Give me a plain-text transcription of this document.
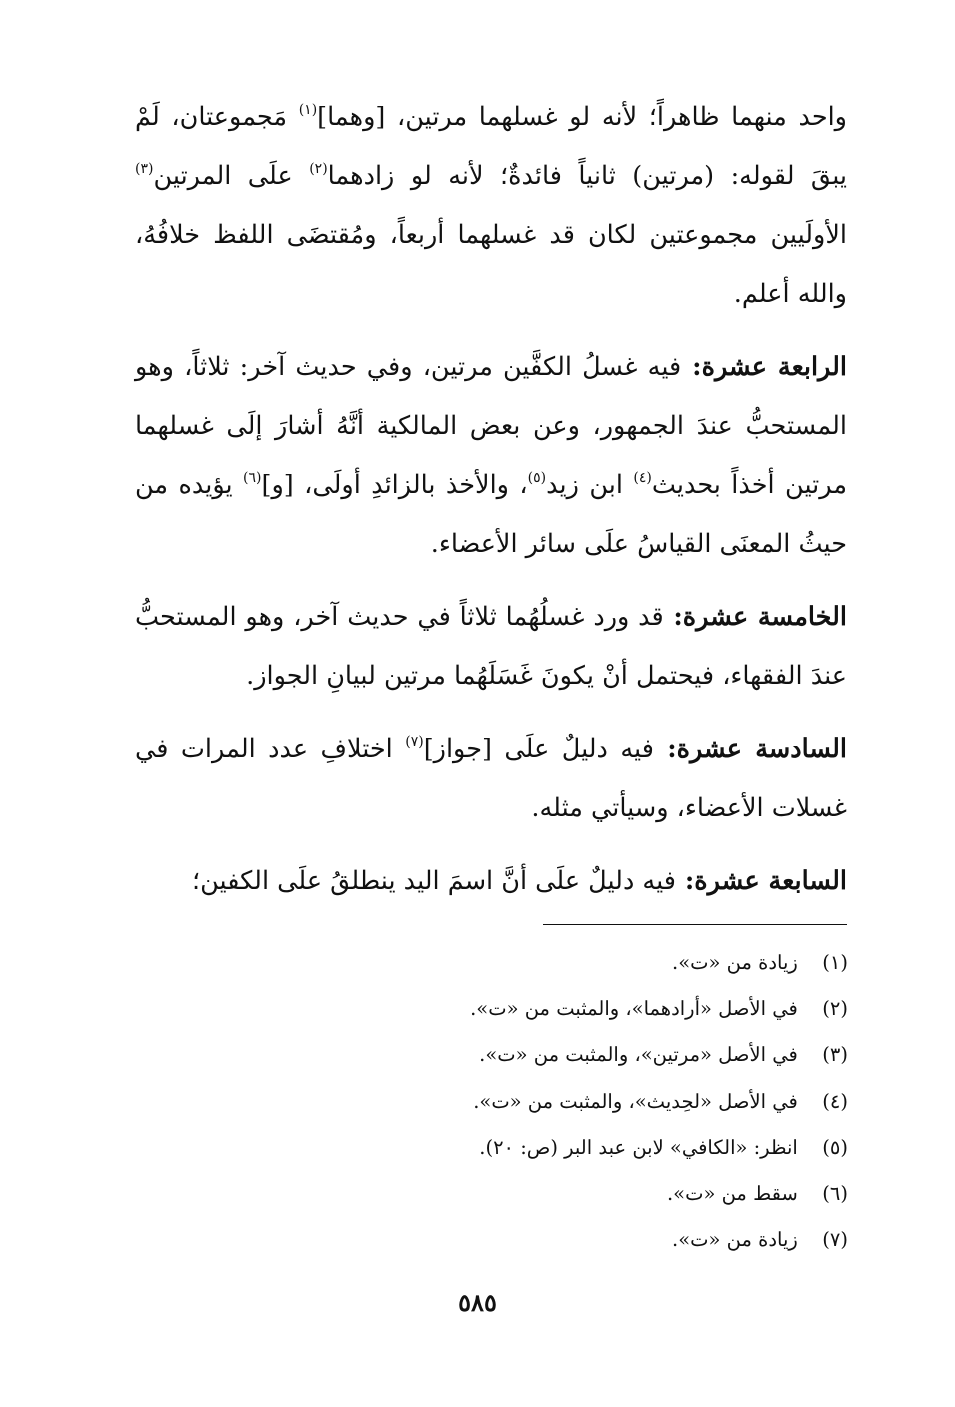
واحد منهما ظاهراً؛ لأنه لو غسلهما مرتين، [وهما]$^{(١)}$ مَجموعتان، لَمْ يبقَ لقوله: (مرتين) ثانياً فائدةٌ؛ لأنه لو زادهما$^{(٢)}$ علَى المرتين$^{(٣)}$ الأولَيين مجموعتين لكان قد غسلهما أربعاً، ومُقتضَى اللفظ خلافُهُ، والله أعلم.

الرابعة عشرة: فيه غسلُ الكفَّين مرتين، وفي حديث آخر: ثلاثاً، وهو المستحبُّ عندَ الجمهور، وعن بعض المالكية أنَّهُ أشارَ إلَى غسلهما مرتين أخذاً بحديث$^{(٤)}$ ابن زيد$^{(٥)}$، والأخذ بالزائدِ أولَى، [و]$^{(٦)}$ يؤيده من حيثُ المعنَى القياسُ علَى سائر الأعضاء.

الخامسة عشرة: قد ورد غسلُهُما ثلاثاً في حديث آخر، وهو المستحبُّ عندَ الفقهاء، فيحتمل أنْ يكونَ غَسَلَهُما مرتين لبيانِ الجواز.

السادسة عشرة: فيه دليلٌ علَى [جواز]$^{(٧)}$ اختلافِ عدد المرات في غسلات الأعضاء، وسيأتي مثله.

السابعة عشرة: فيه دليلٌ علَى أنَّ اسمَ اليد ينطلقُ علَى الكفين؛

(١) زيادة من «ت».
(٢) في الأصل «أرادهما»، والمثبت من «ت».
(٣) في الأصل «مرتين»، والمثبت من «ت».
(٤) في الأصل «لحِديث»، والمثبت من «ت».
(٥) انظر: «الكافي» لابن عبد البر (ص: ٢٠).
(٦) سقط من «ت».
(٧) زيادة من «ت».
٥٨٥
